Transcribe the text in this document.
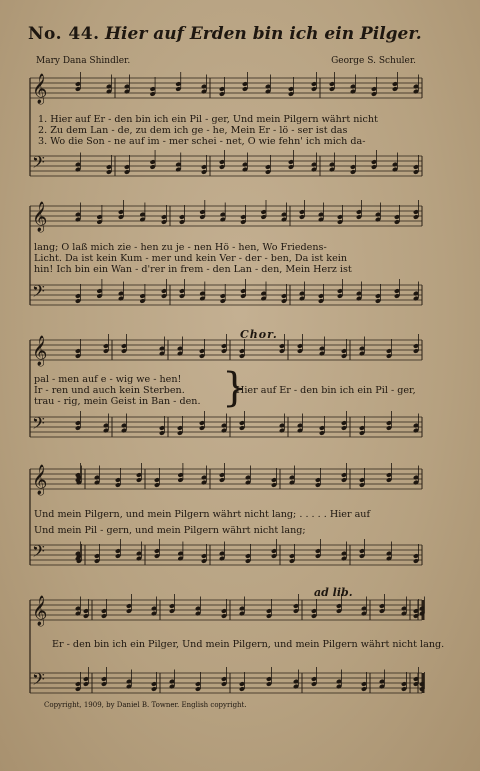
No. 44. Hier auf Erden bin ich ein Pilger.
Mary Dana Shindler.	George S. Schuler.
𝄞
𝄢
𝄞
𝄢
𝄞
𝄢
𝄞
𝄢
𝄞
𝄢
1. Hier auf Er - den bin ich ein Pil - ger, Und mein Pilgern währt nicht
2. Zu dem Lan - de, zu dem ich ge - he, Mein Er - lö - ser ist das
3. Wo die Son - ne auf im - mer schei - net, O wie fehn' ich mich da-
lang; O laß mich zie - hen zu je - nen Hö - hen, Wo Friedens-
Licht. Da ist kein Kum - mer und kein Ver - der - ben, Da ist kein
hin! Ich bin ein Wan - d'rer in frem - den Lan - den, Mein Herz ist
Chor.
pal - men auf e - wig we - hen!
Ir - ren und auch kein Sterben.
trau - rig, mein Geist in Ban - den. }
Hier auf Er - den bin ich ein Pil - ger,
Und mein Pilgern, und mein Pilgern währt nicht lang; . . . . . Hier auf
Und mein Pil - gern, und mein Pilgern währt nicht lang;
ad lib.
Er - den bin ich ein Pilger, Und mein Pilgern, und mein Pilgern währt nicht lang.
Copyright, 1909, by Daniel B. Towner. English copyright.
